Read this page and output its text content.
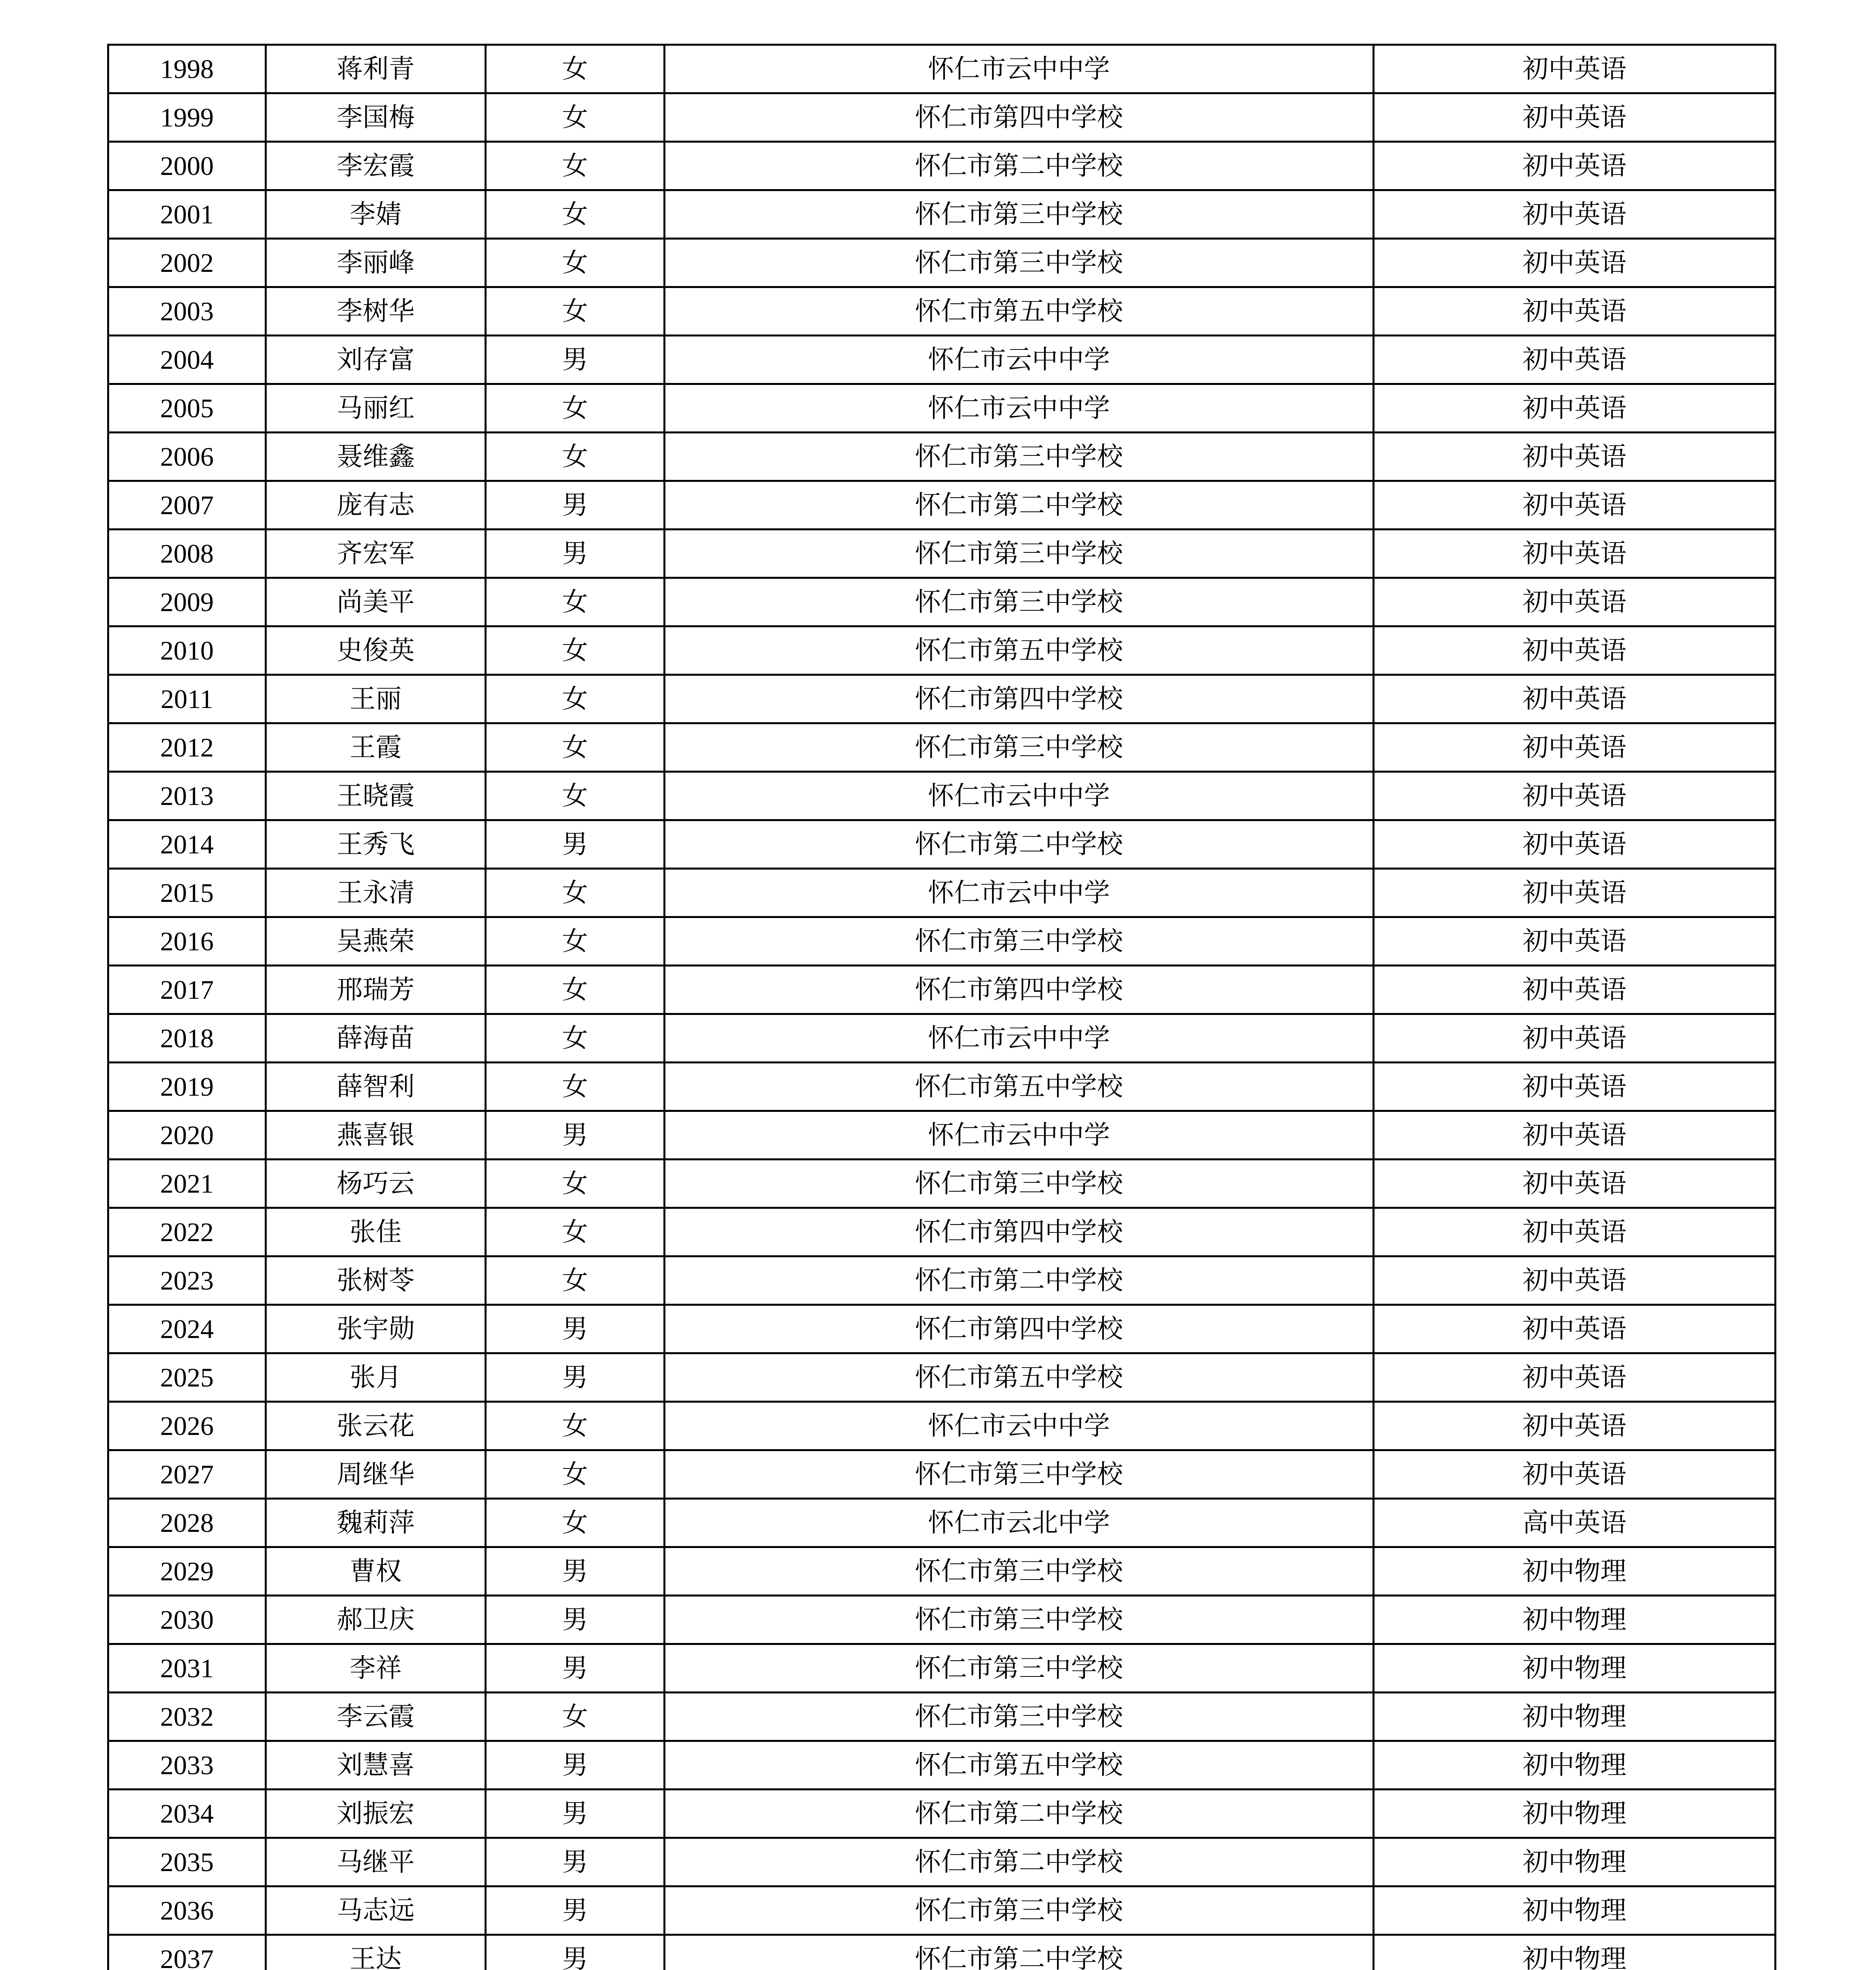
1998	蒋利青	女	怀仁市云中中学	初中英语
1999	李国梅	女	怀仁市第四中学校	初中英语
2000	李宏霞	女	怀仁市第二中学校	初中英语
2001	李婧	女	怀仁市第三中学校	初中英语
2002	李丽峰	女	怀仁市第三中学校	初中英语
2003	李树华	女	怀仁市第五中学校	初中英语
2004	刘存富	男	怀仁市云中中学	初中英语
2005	马丽红	女	怀仁市云中中学	初中英语
2006	聂维鑫	女	怀仁市第三中学校	初中英语
2007	庞有志	男	怀仁市第二中学校	初中英语
2008	齐宏军	男	怀仁市第三中学校	初中英语
2009	尚美平	女	怀仁市第三中学校	初中英语
2010	史俊英	女	怀仁市第五中学校	初中英语
2011	王丽	女	怀仁市第四中学校	初中英语
2012	王霞	女	怀仁市第三中学校	初中英语
2013	王晓霞	女	怀仁市云中中学	初中英语
2014	王秀飞	男	怀仁市第二中学校	初中英语
2015	王永清	女	怀仁市云中中学	初中英语
2016	吴燕荣	女	怀仁市第三中学校	初中英语
2017	邢瑞芳	女	怀仁市第四中学校	初中英语
2018	薛海苗	女	怀仁市云中中学	初中英语
2019	薛智利	女	怀仁市第五中学校	初中英语
2020	燕喜银	男	怀仁市云中中学	初中英语
2021	杨巧云	女	怀仁市第三中学校	初中英语
2022	张佳	女	怀仁市第四中学校	初中英语
2023	张树苓	女	怀仁市第二中学校	初中英语
2024	张宇勋	男	怀仁市第四中学校	初中英语
2025	张月	男	怀仁市第五中学校	初中英语
2026	张云花	女	怀仁市云中中学	初中英语
2027	周继华	女	怀仁市第三中学校	初中英语
2028	魏莉萍	女	怀仁市云北中学	高中英语
2029	曹权	男	怀仁市第三中学校	初中物理
2030	郝卫庆	男	怀仁市第三中学校	初中物理
2031	李祥	男	怀仁市第三中学校	初中物理
2032	李云霞	女	怀仁市第三中学校	初中物理
2033	刘慧喜	男	怀仁市第五中学校	初中物理
2034	刘振宏	男	怀仁市第二中学校	初中物理
2035	马继平	男	怀仁市第二中学校	初中物理
2036	马志远	男	怀仁市第三中学校	初中物理
2037	王达	男	怀仁市第二中学校	初中物理
